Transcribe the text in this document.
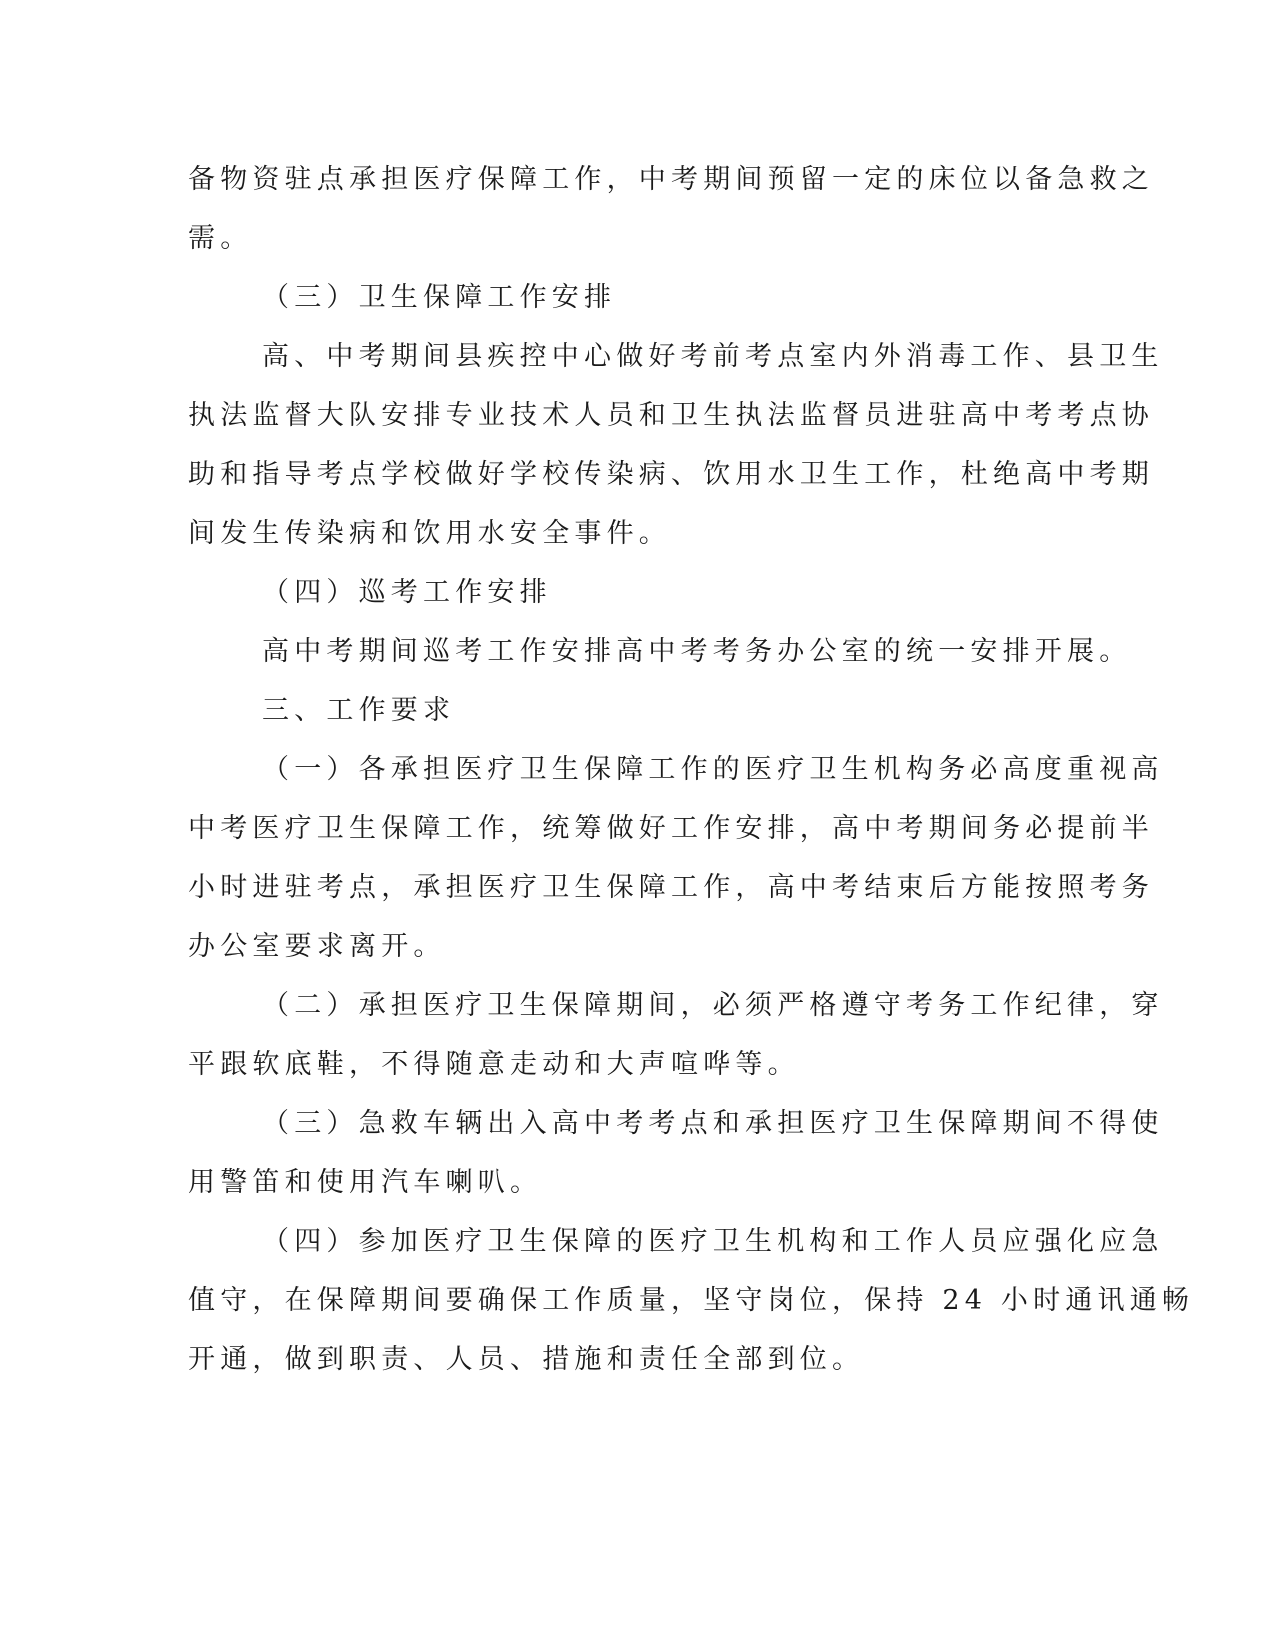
备物资驻点承担医疗保障工作，中考期间预留一定的床位以备急救之
需。
（三）卫生保障工作安排
高、中考期间县疾控中心做好考前考点室内外消毒工作、县卫生
执法监督大队安排专业技术人员和卫生执法监督员进驻高中考考点协
助和指导考点学校做好学校传染病、饮用水卫生工作，杜绝高中考期
间发生传染病和饮用水安全事件。
（四）巡考工作安排
高中考期间巡考工作安排高中考考务办公室的统一安排开展。
三、工作要求
（一）各承担医疗卫生保障工作的医疗卫生机构务必高度重视高
中考医疗卫生保障工作，统筹做好工作安排，高中考期间务必提前半
小时进驻考点，承担医疗卫生保障工作，高中考结束后方能按照考务
办公室要求离开。
（二）承担医疗卫生保障期间，必须严格遵守考务工作纪律，穿
平跟软底鞋，不得随意走动和大声喧哗等。
（三）急救车辆出入高中考考点和承担医疗卫生保障期间不得使
用警笛和使用汽车喇叭。
（四）参加医疗卫生保障的医疗卫生机构和工作人员应强化应急
值守，在保障期间要确保工作质量，坚守岗位，保持 24 小时通讯通畅
开通，做到职责、人员、措施和责任全部到位。
